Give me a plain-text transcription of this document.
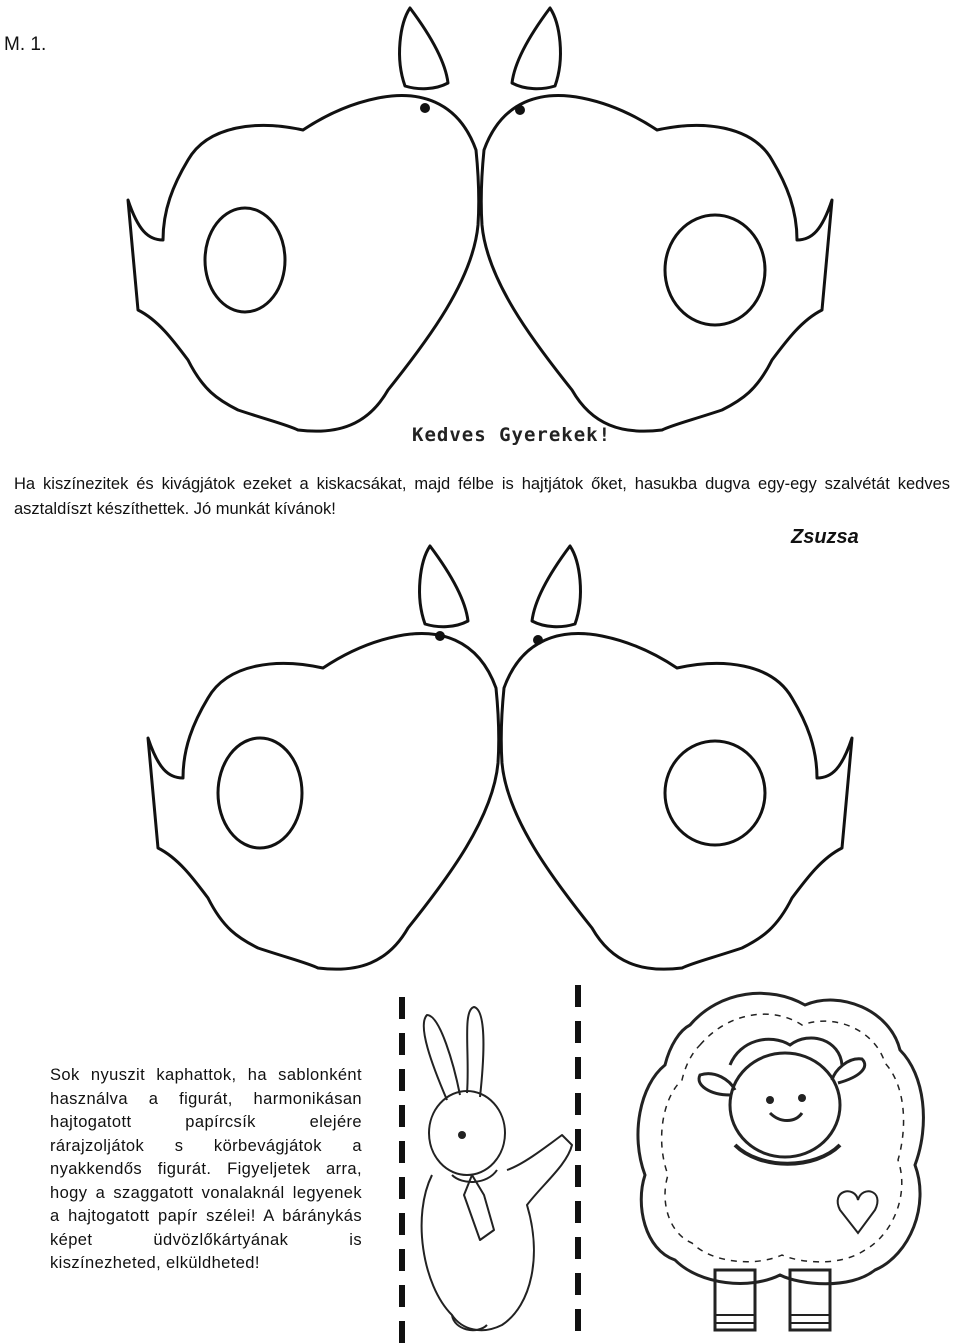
M. 1.
Kedves Gyerekek!
Ha kiszínezitek és kivágjátok ezeket a kiskacsákat, majd félbe is hajtjátok őket, hasukba dugva egy-egy szalvétát kedves asztaldíszt készíthettek. Jó munkát kívánok!
Zsuzsa
Sok nyuszit kaphattok, ha sablonként használva a figurát, harmonikásan hajtogatott papírcsík elejére rárajzoljátok s körbevágjátok a nyakkendős figurát. Figyeljetek arra, hogy a szaggatott vonalaknál legyenek a hajtogatott papír szélei! A báránykás képet üdvözlőkártyának is kiszínezheted, elküldheted!
